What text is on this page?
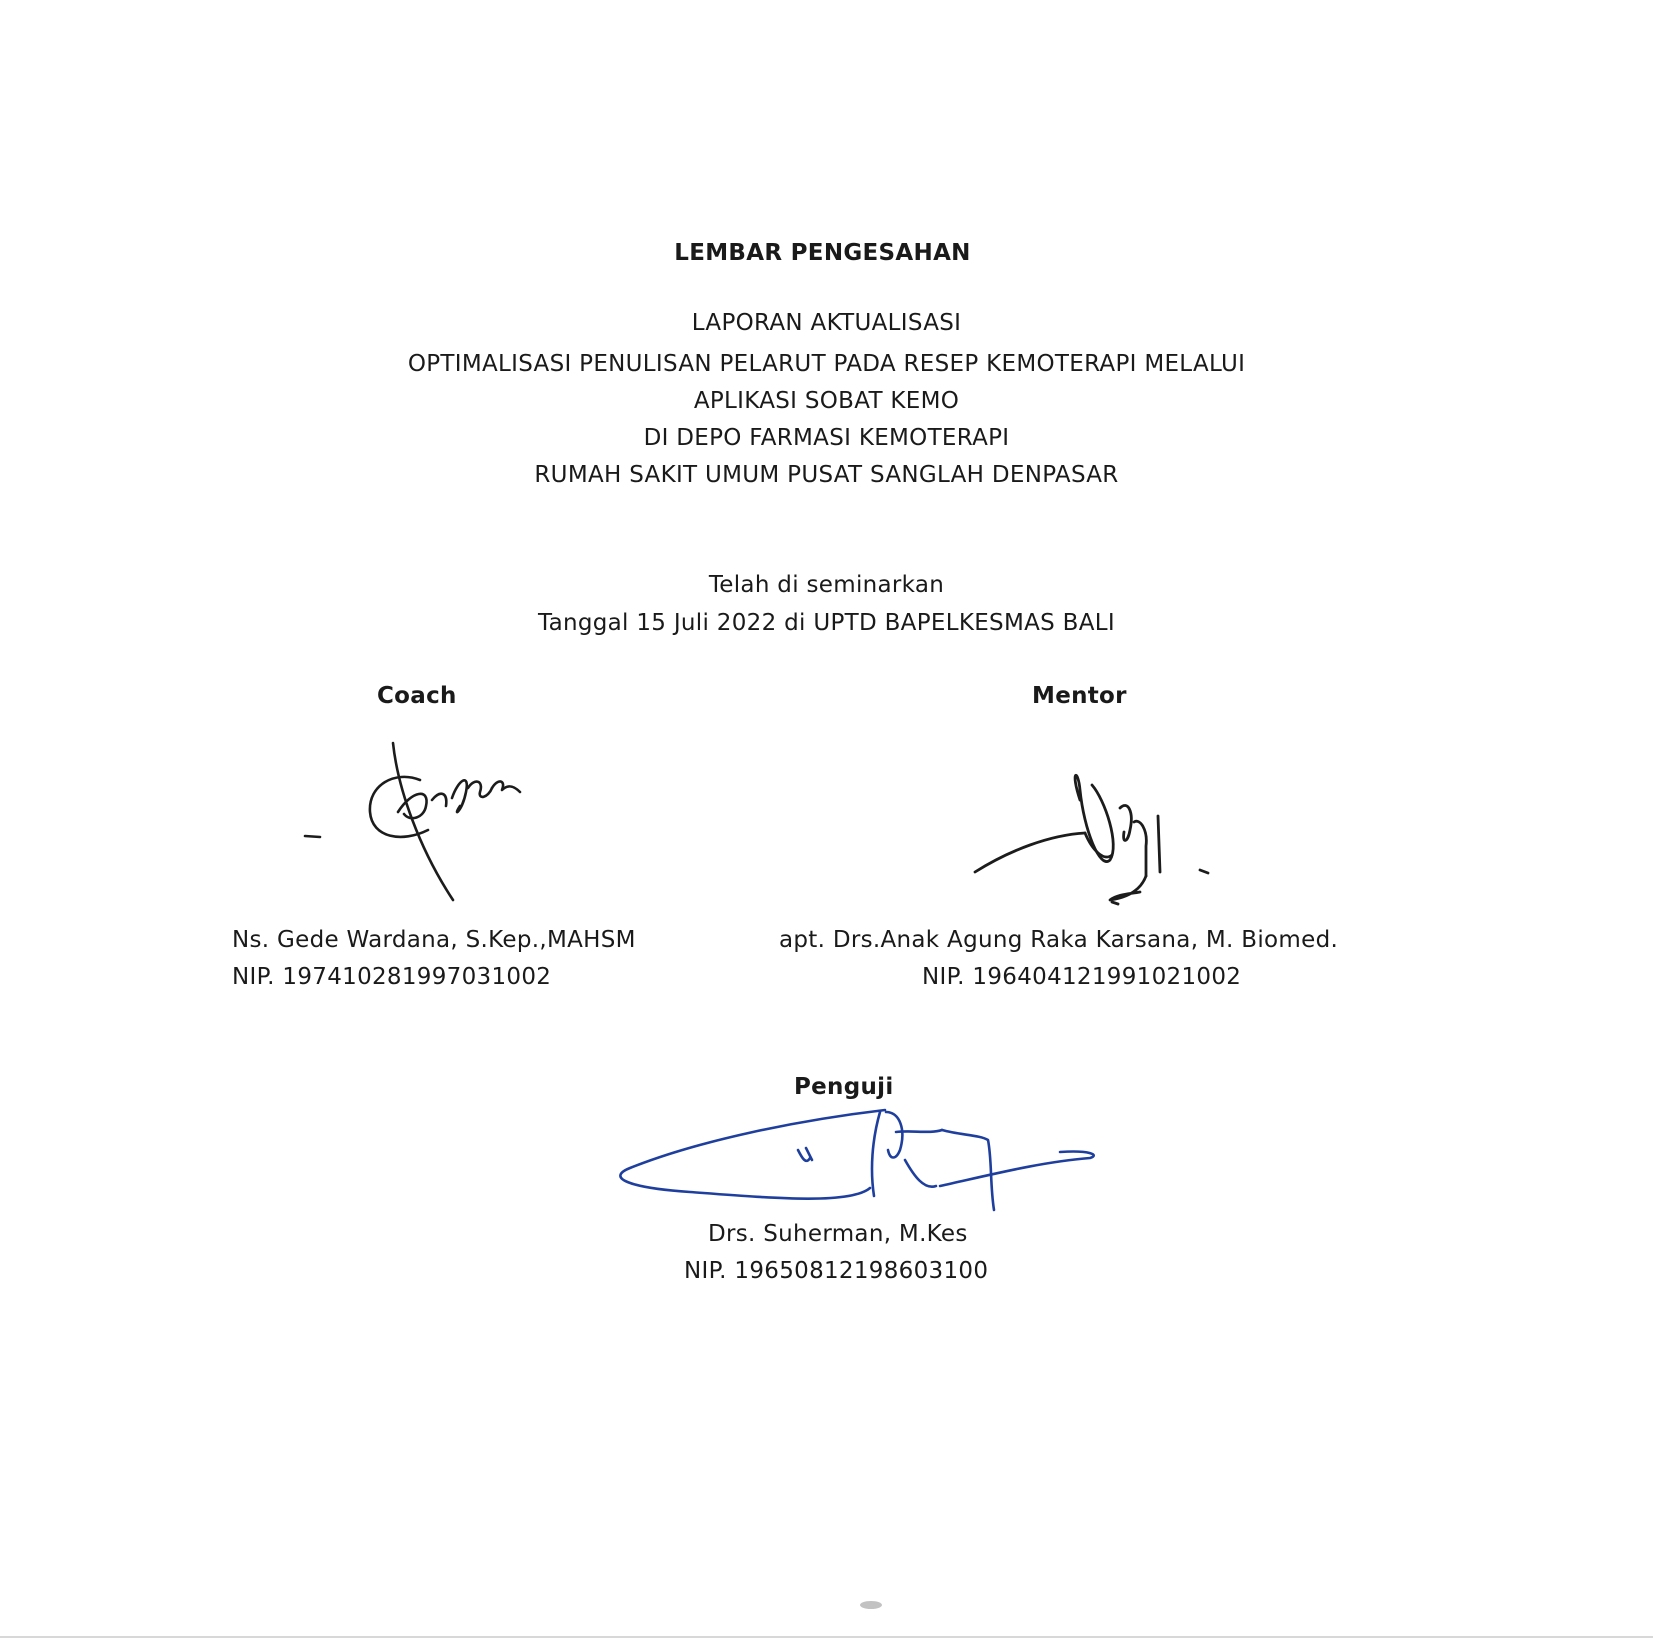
LEMBAR PENGESAHAN
LAPORAN AKTUALISASI
OPTIMALISASI PENULISAN PELARUT PADA RESEP KEMOTERAPI MELALUI
APLIKASI SOBAT KEMO
DI DEPO FARMASI KEMOTERAPI
RUMAH SAKIT UMUM PUSAT SANGLAH DENPASAR
Telah di seminarkan
Tanggal 15 Juli 2022 di UPTD BAPELKESMAS BALI
Coach
Ns. Gede Wardana, S.Kep.,MAHSM
NIP. 197410281997031002
Mentor
apt. Drs.Anak Agung Raka Karsana, M. Biomed.
NIP. 196404121991021002
Penguji
Drs. Suherman, M.Kes
NIP. 19650812198603100
